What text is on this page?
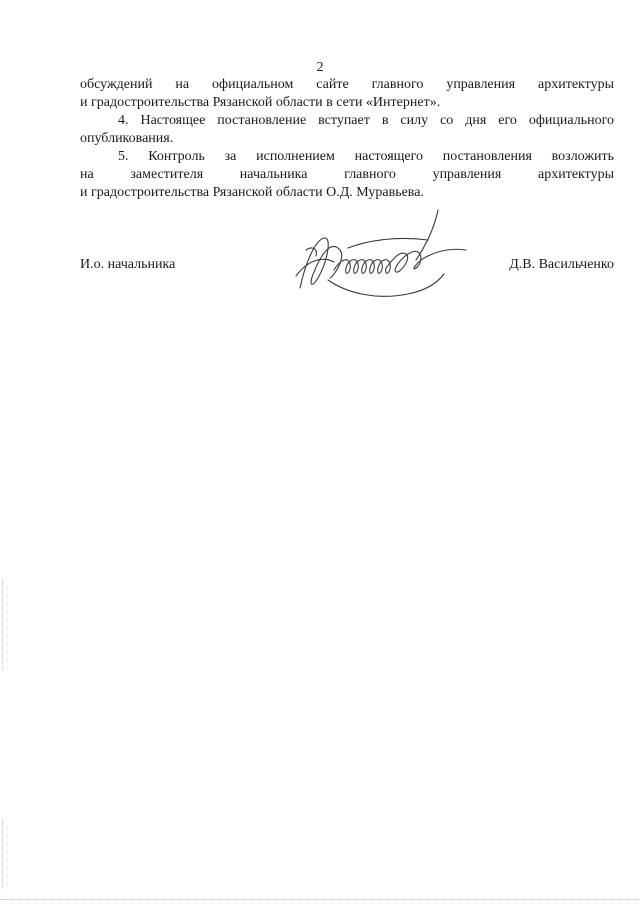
2

обсуждений на официальном сайте главного управления архитектуры

и градостроительства Рязанской области в сети «Интернет».

4. Настоящее постановление вступает в силу со дня его официального

опубликования.

5. Контроль за исполнением настоящего постановления возложить

на заместителя начальника главного управления архитектуры

и градостроительства Рязанской области О.Д. Муравьева.

И.о. начальника	Д.В. Васильченко
